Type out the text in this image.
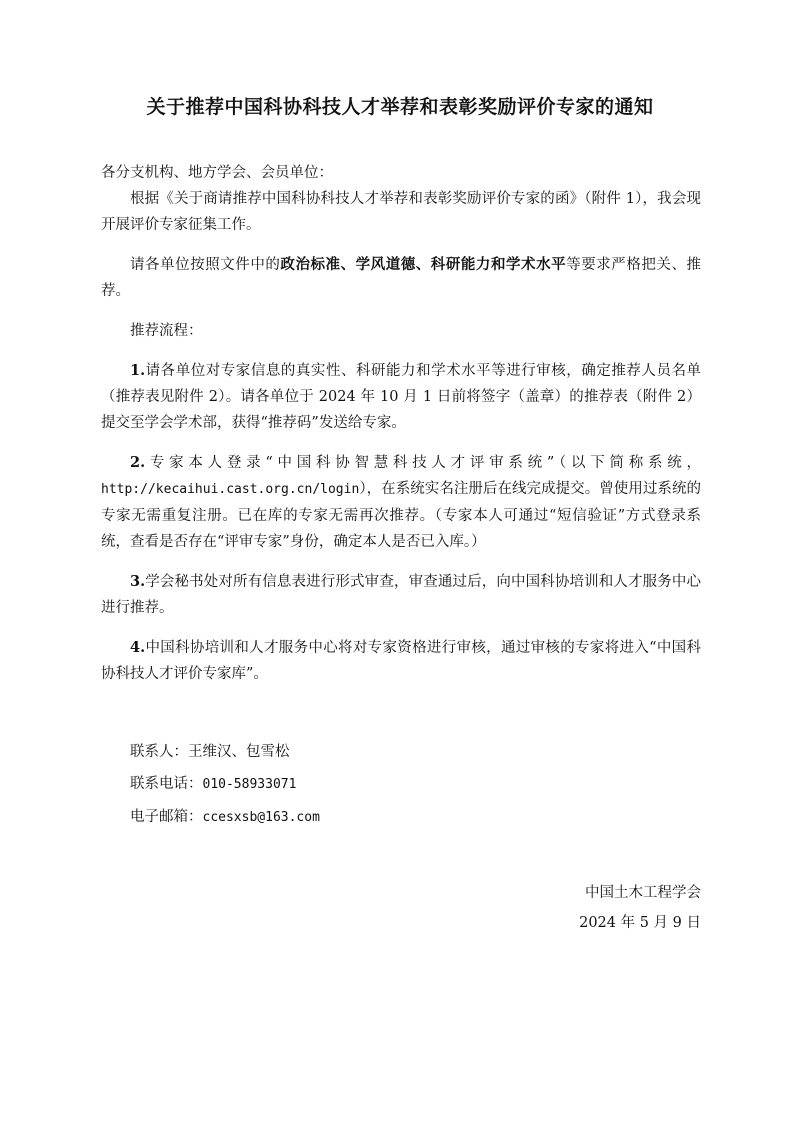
关于推荐中国科协科技人才举荐和表彰奖励评价专家的通知

各分支机构、地方学会、会员单位：

根据《关于商请推荐中国科协科技人才举荐和表彰奖励评价专家的函》（附件 1），我会现开展评价专家征集工作。

请各单位按照文件中的政治标准、学风道德、科研能力和学术水平等要求严格把关、推荐。

推荐流程：

1.请各单位对专家信息的真实性、科研能力和学术水平等进行审核，确定推荐人员名单（推荐表见附件 2）。请各单位于 2024 年 10 月 1 日前将签字（盖章）的推荐表（附件 2）提交至学会学术部，获得“推荐码”发送给专家。

2.专家本人登录“中国科协智慧科技人才评审系统”（以下简称系统，http://kecaihui.cast.org.cn/login），在系统实名注册后在线完成提交。曾使用过系统的专家无需重复注册。已在库的专家无需再次推荐。（专家本人可通过“短信验证”方式登录系统，查看是否存在“评审专家”身份，确定本人是否已入库。）

3.学会秘书处对所有信息表进行形式审查，审查通过后，向中国科协培训和人才服务中心进行推荐。

4.中国科协培训和人才服务中心将对专家资格进行审核，通过审核的专家将进入“中国科协科技人才评价专家库”。

联系人：王维汉、包雪松
联系电话：010-58933071
电子邮箱：ccesxsb@163.com
中国土木工程学会
2024 年 5 月 9 日
